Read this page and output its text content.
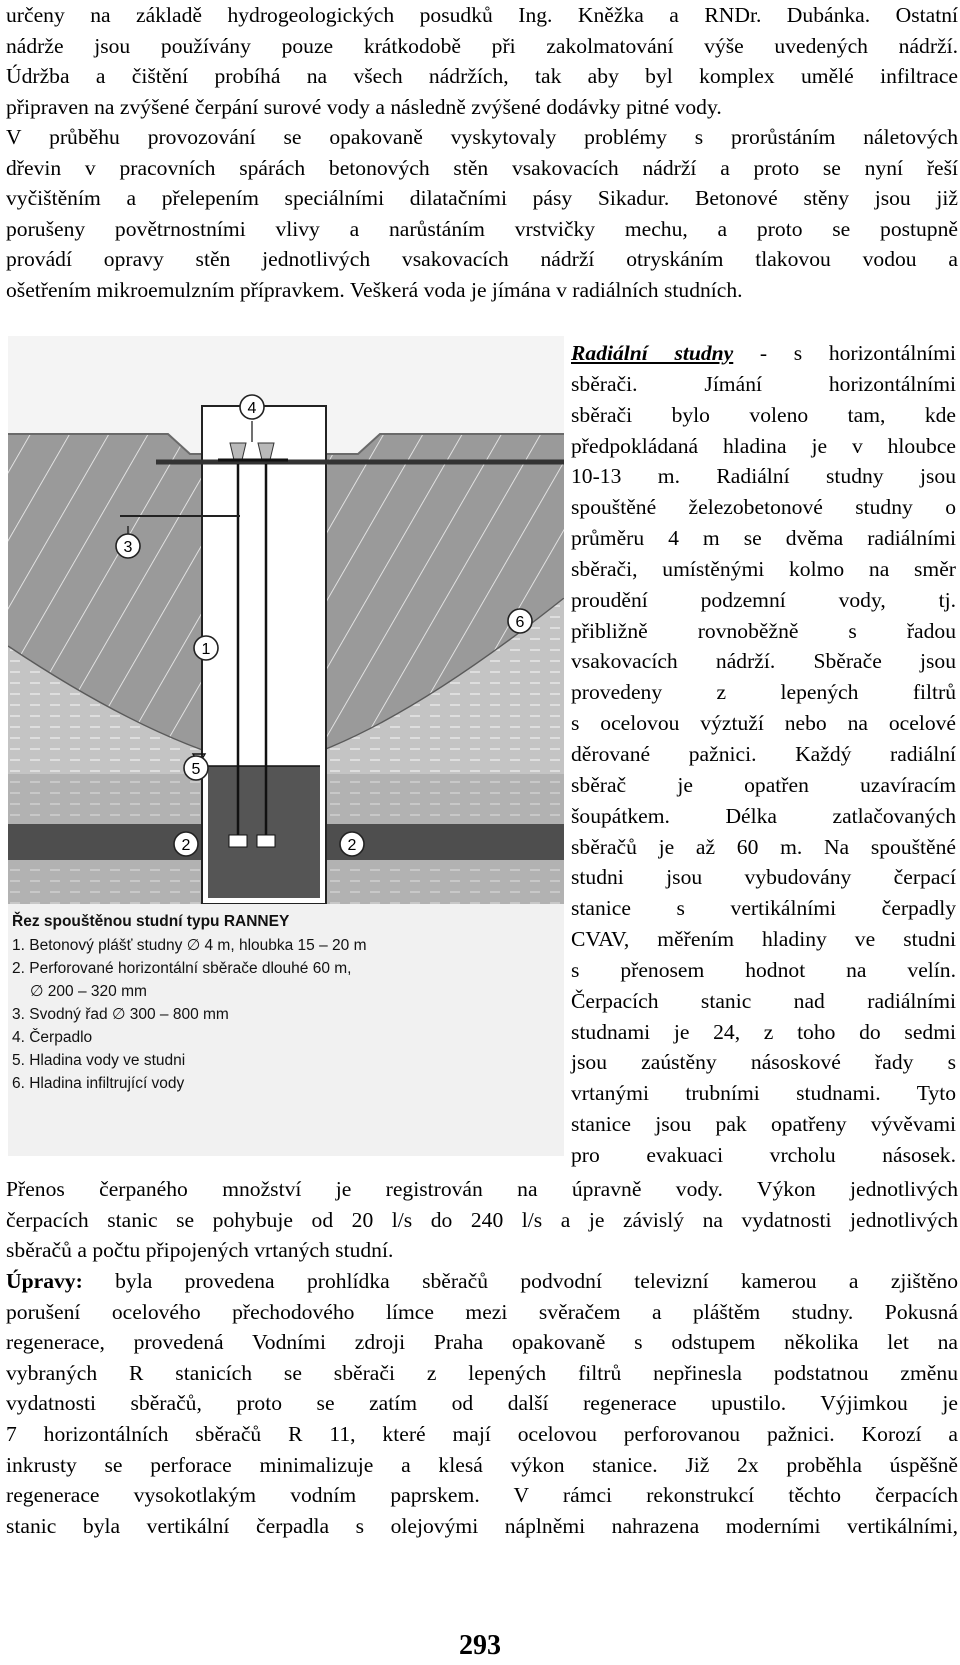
určeny na základě hydrogeologických posudků Ing. Kněžka a RNDr. Dubánka. Ostatní
nádrže jsou používány pouze krátkodobě při zakolmatování výše uvedených nádrží.
Údržba a čištění probíhá na všech nádržích, tak aby byl komplex umělé infiltrace
připraven na zvýšené čerpání surové vody a následně zvýšené dodávky pitné vody.
V průběhu provozování se opakovaně vyskytovaly problémy s prorůstáním náletových
dřevin v pracovních spárách betonových stěn vsakovacích nádrží a proto se nyní řeší
vyčištěním a přelepením speciálními dilatačními pásy Sikadur. Betonové stěny jsou již
porušeny povětrnostními vlivy a narůstáním vrstvičky mechu, a proto se postupně
provádí opravy stěn jednotlivých vsakovacích nádrží otryskáním tlakovou vodou a
ošetřením mikroemulzním přípravkem. Veškerá voda je jímána v radiálních studních.
4
3
6
1
5
2	2
Řez spouštěnou studní typu RANNEY
1. Betonový plášť studny ∅ 4 m, hloubka 15 – 20 m
2. Perforované horizontální sběrače dlouhé 60 m,
∅ 200 – 320 mm
3. Svodný řad ∅ 300 – 800 mm
4. Čerpadlo
5. Hladina vody ve studni
6. Hladina infiltrující vody
Radiální studny - s horizontálními
sběrači. Jímání horizontálními
sběrači bylo voleno tam, kde
předpokládaná hladina je v hloubce
10-13 m. Radiální studny jsou
spouštěné železobetonové studny o
průměru 4 m se dvěma radiálními
sběrači, umístěnými kolmo na směr
proudění podzemní vody, tj.
přibližně rovnoběžně s řadou
vsakovacích nádrží. Sběrače jsou
provedeny z lepených filtrů
s ocelovou výztuží nebo na ocelové
děrované pažnici. Každý radiální
sběrač je opatřen uzavíracím
šoupátkem. Délka zatlačovaných
sběračů je až 60 m. Na spouštěné
studni jsou vybudovány čerpací
stanice s vertikálními čerpadly
CVAV, měřením hladiny ve studni
s přenosem hodnot na velín.
Čerpacích stanic nad radiálními
studnami je 24, z toho do sedmi
jsou zaústěny násoskové řady s
vrtanými trubními studnami. Tyto
stanice jsou pak opatřeny vývěvami
pro evakuaci vrcholu násosek.
Přenos čerpaného množství je registrován na úpravně vody. Výkon jednotlivých
čerpacích stanic se pohybuje od 20 l/s do 240 l/s a je závislý na vydatnosti jednotlivých
sběračů a počtu připojených vrtaných studní.
Úpravy: byla provedena prohlídka sběračů podvodní televizní kamerou a zjištěno
porušení ocelového přechodového límce mezi svěračem a pláštěm studny. Pokusná
regenerace, provedená Vodními zdroji Praha opakovaně s odstupem několika let na
vybraných R stanicích se sběrači z lepených filtrů nepřinesla podstatnou změnu
vydatnosti sběračů, proto se zatím od další regenerace upustilo. Výjimkou je
7 horizontálních sběračů R 11, které mají ocelovou perforovanou pažnici. Korozí a
inkrusty se perforace minimalizuje a klesá výkon stanice. Již 2x proběhla úspěšně
regenerace vysokotlakým vodním paprskem. V rámci rekonstrukcí těchto čerpacích
stanic byla vertikální čerpadla s olejovými náplněmi nahrazena moderními vertikálními,
293
